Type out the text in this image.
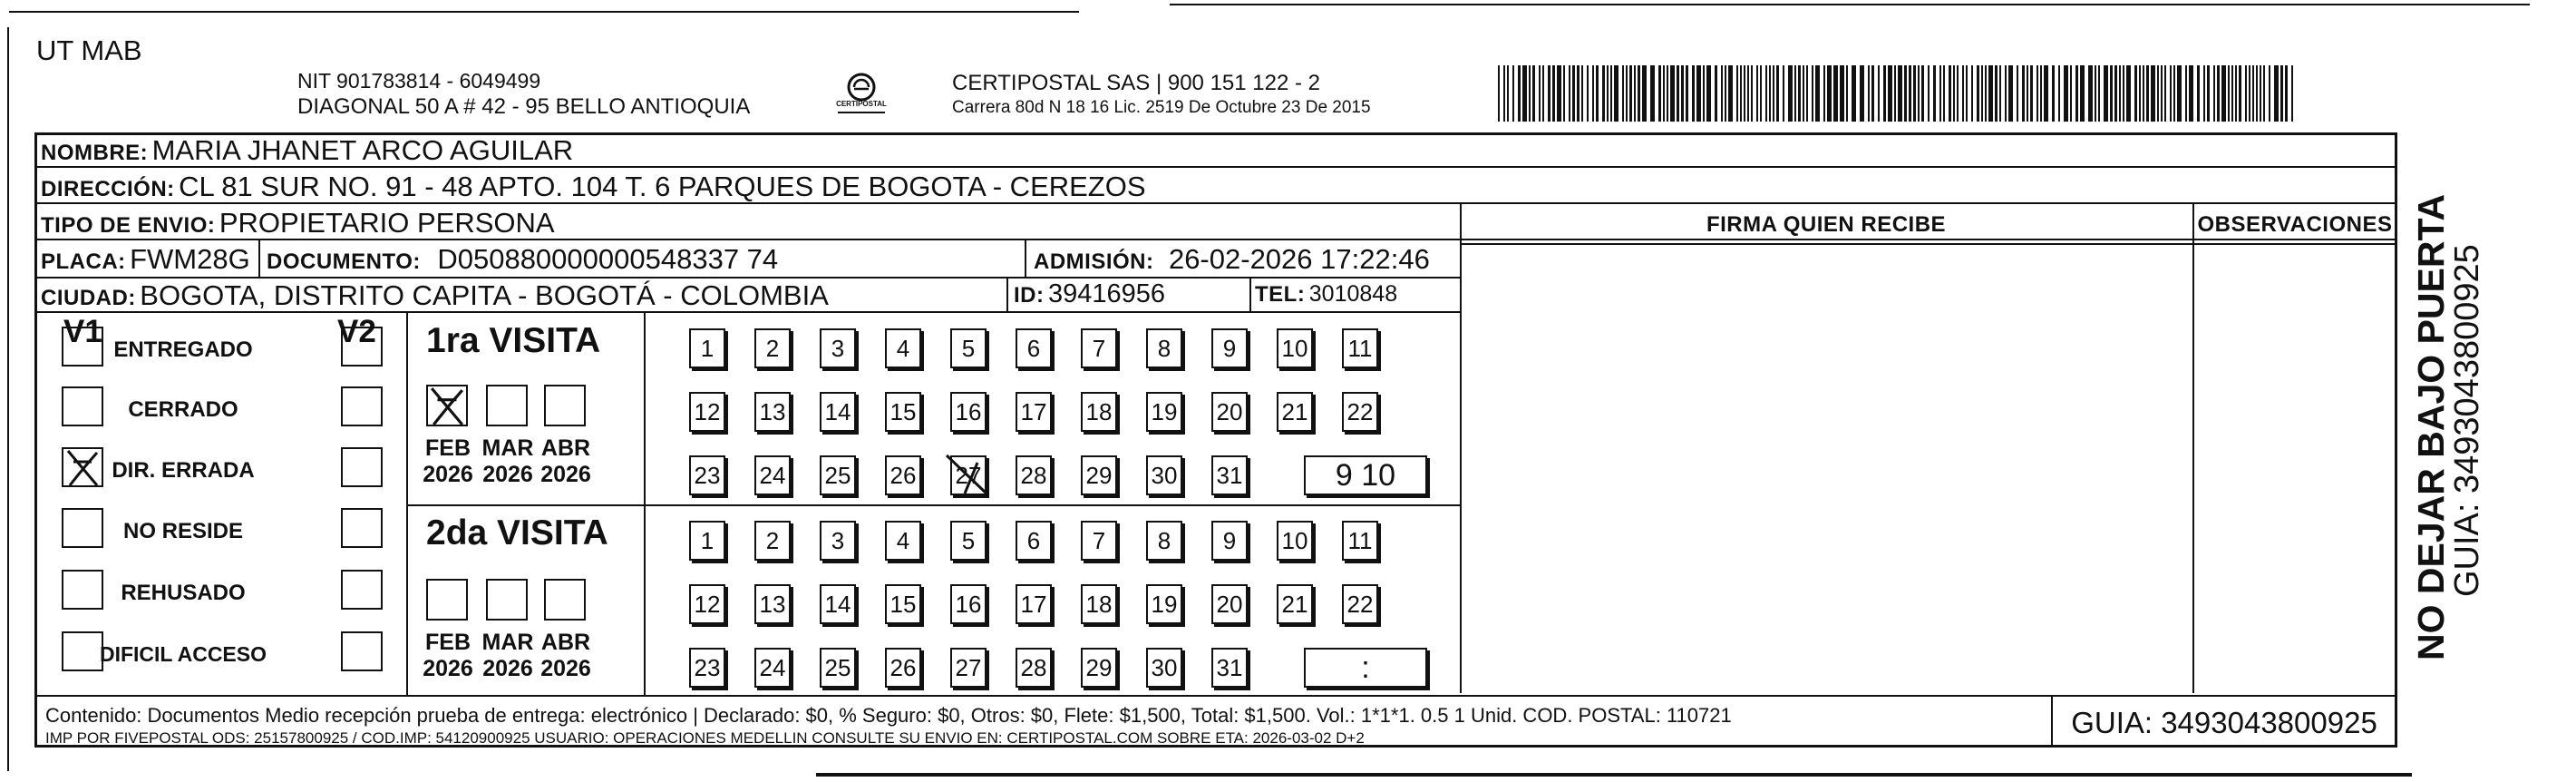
UT MAB
NIT 901783814 - 6049499
DIAGONAL 50 A # 42 - 95 BELLO ANTIOQUIA	CERTIPOSTAL
CERTIPOSTAL SAS | 900 151 122 - 2
Carrera 80d N 18 16 Lic. 2519 De Octubre 23 De 2015
NOMBRE: MARIA JHANET ARCO AGUILAR
DIRECCIÓN: CL 81 SUR NO. 91 - 48 APTO. 104 T. 6 PARQUES DE BOGOTA - CEREZOS
TIPO DE ENVIO: PROPIETARIO PERSONA	FIRMA QUIEN RECIBE	OBSERVACIONES
PLACA: FWM28G DOCUMENTO: D050880000000548337 74	ADMISIÓN: 26-02-2026 17:22:46
CIUDAD: BOGOTA, DISTRITO CAPITA - BOGOTÁ - COLOMBIA	ID: 39416956	TEL: 3010848
V1	V2
ENTREGADO
CERRADO
DIR. ERRADA
NO RESIDE
REHUSADO
DIFICIL ACCESO
1ra VISITA
2da VISITA
FEB
2026
MAR
2026
ABR
2026
FEB
2026
MAR
2026
ABR
2026
1	2	3	4	5	6	7	8	9	10 11
12 13 14 15 16 17 18 19 20 21 22
23 24 25 26 27 28 29 30 31	9 10
1	2	3	4	5	6	7	8	9	10 11
12 13 14 15 16 17 18 19 20 21 22
23 24 25 26 27 28 29 30 31	:
Contenido: Documentos Medio recepción prueba de entrega: electrónico | Declarado: $0, % Seguro: $0, Otros: $0, Flete: $1,500, Total: $1,500. Vol.: 1*1*1. 0.5 1 Unid. COD. POSTAL: 110721
IMP POR FIVEPOSTAL ODS: 25157800925 / COD.IMP: 54120900925 USUARIO: OPERACIONES MEDELLIN CONSULTE SU ENVIO EN: CERTIPOSTAL.COM SOBRE ETA: 2026-03-02 D+2	GUIA: 3493043800925
NO DEJAR BAJO PUERTA
GUIA: 3493043800925
